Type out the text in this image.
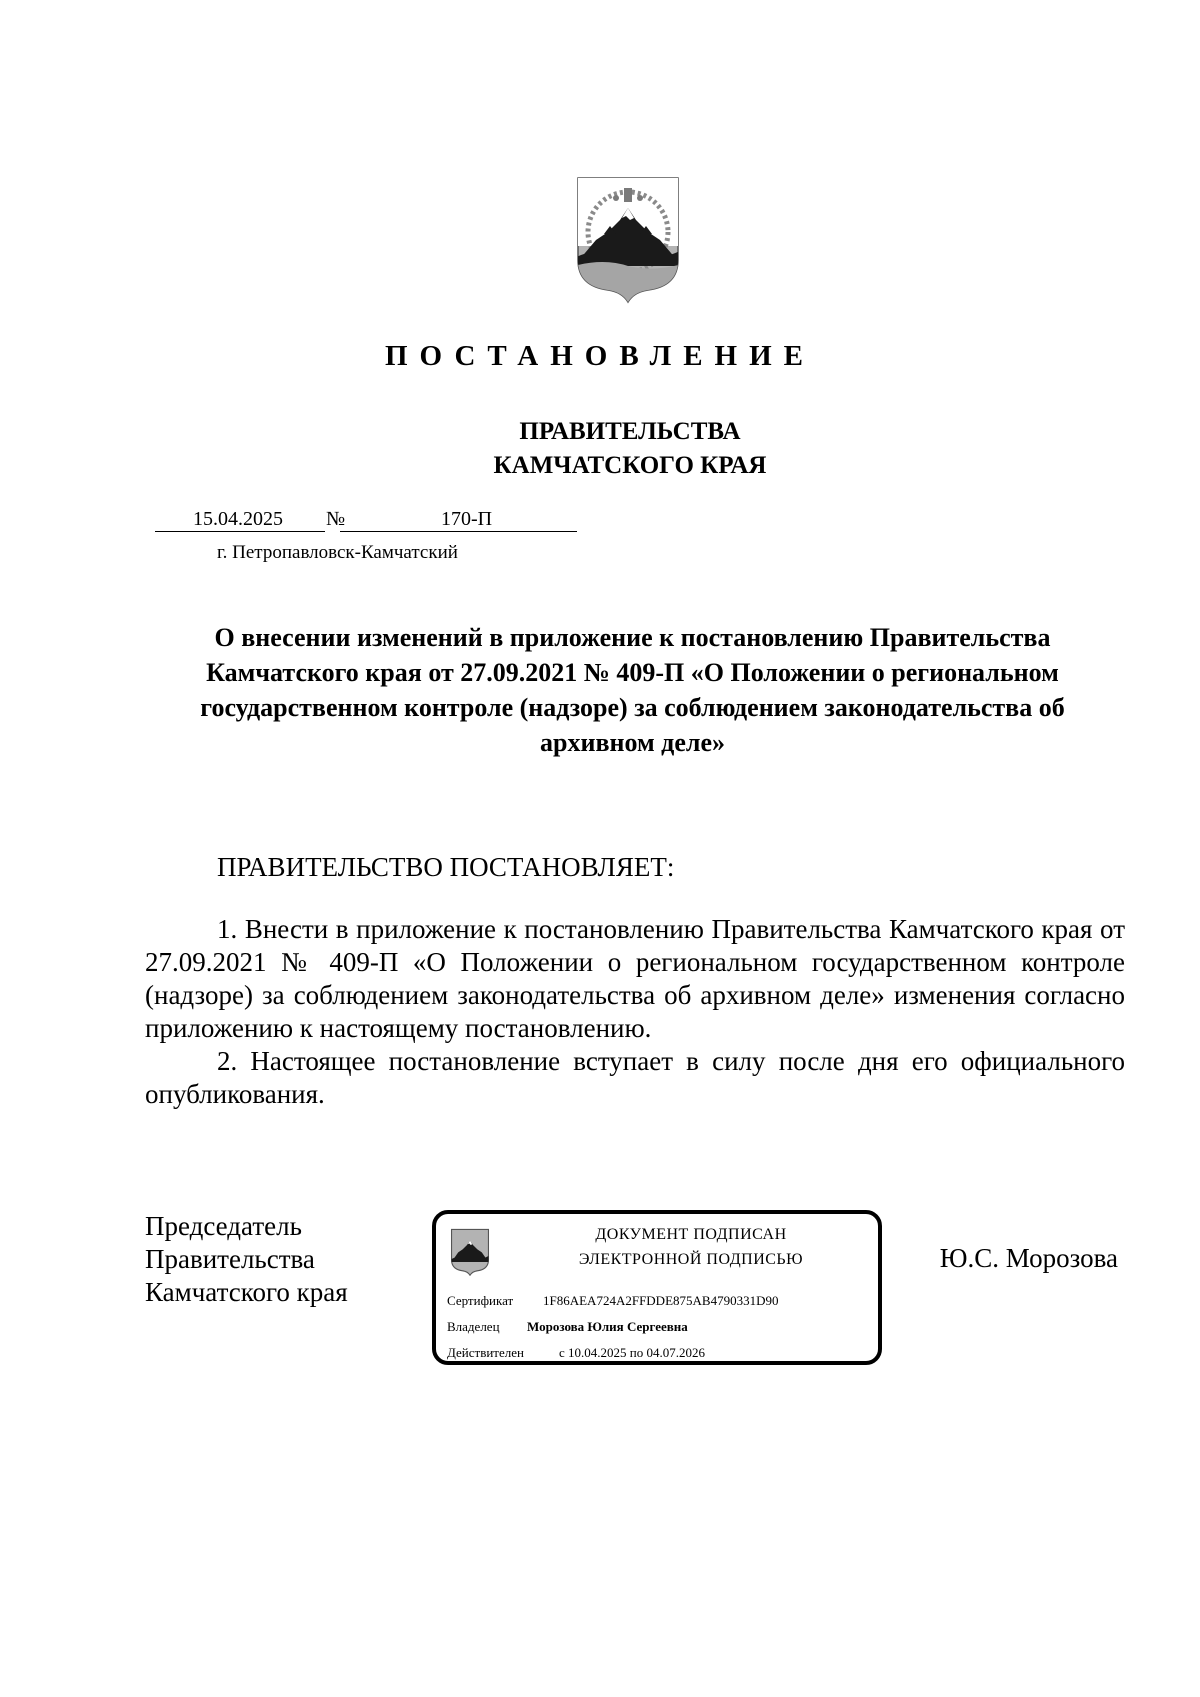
ПОСТАНОВЛЕНИЕ
ПРАВИТЕЛЬСТВА
КАМЧАТСКОГО КРАЯ
15.04.2025 №	170-П
г. Петропавловск-Камчатский
О внесении изменений в приложение к постановлению Правительства Камчатского края от 27.09.2021 № 409-П «О Положении о региональном государственном контроле (надзоре) за соблюдением законодательства об архивном деле»
ПРАВИТЕЛЬСТВО ПОСТАНОВЛЯЕТ:
1. Внести в приложение к постановлению Правительства Камчатского края от 27.09.2021 № 409-П «О Положении о региональном государственном контроле (надзоре) за соблюдением законодательства об архивном деле» изменения согласно приложению к настоящему постановлению.
2. Настоящее постановление вступает в силу после дня его официального опубликования.
Председатель
Правительства
Камчатского края
ДОКУМЕНТ ПОДПИСАН
ЭЛЕКТРОННОЙ ПОДПИСЬЮ
Сертификат 1F86AEA724A2FFDDE875AB4790331D90
Владелец Морозова Юлия Сергеевна
Действителен	с 10.04.2025 по 04.07.2026
Ю.С. Морозова
